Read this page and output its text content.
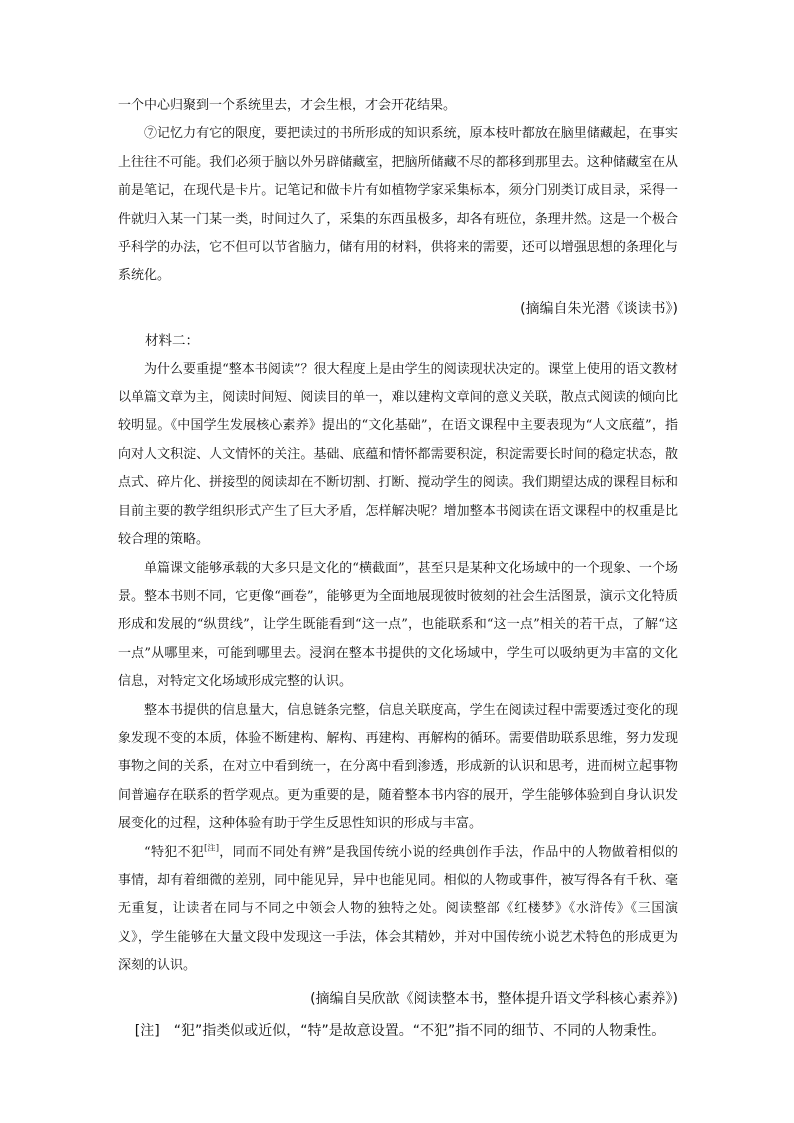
一个中心归聚到一个系统里去，才会生根，才会开花结果。

⑦记忆力有它的限度，要把读过的书所形成的知识系统，原本枝叶都放在脑里储藏起，在事实上往往不可能。我们必须于脑以外另辟储藏室，把脑所储藏不尽的都移到那里去。这种储藏室在从前是笔记，在现代是卡片。记笔记和做卡片有如植物学家采集标本，须分门别类订成目录，采得一件就归入某一门某一类，时间过久了，采集的东西虽极多，却各有班位，条理井然。这是一个极合乎科学的办法，它不但可以节省脑力，储有用的材料，供将来的需要，还可以增强思想的条理化与系统化。

(摘编自朱光潜《谈读书》)

材料二：

为什么要重提“整本书阅读”？很大程度上是由学生的阅读现状决定的。课堂上使用的语文教材以单篇文章为主，阅读时间短、阅读目的单一，难以建构文章间的意义关联，散点式阅读的倾向比较明显。《中国学生发展核心素养》提出的“文化基础”，在语文课程中主要表现为“人文底蕴”，指向对人文积淀、人文情怀的关注。基础、底蕴和情怀都需要积淀，积淀需要长时间的稳定状态，散点式、碎片化、拼接型的阅读却在不断切割、打断、搅动学生的阅读。我们期望达成的课程目标和目前主要的教学组织形式产生了巨大矛盾，怎样解决呢？增加整本书阅读在语文课程中的权重是比较合理的策略。

单篇课文能够承载的大多只是文化的“横截面”，甚至只是某种文化场域中的一个现象、一个场景。整本书则不同，它更像“画卷”，能够更为全面地展现彼时彼刻的社会生活图景，演示文化特质形成和发展的“纵贯线”，让学生既能看到“这一点”，也能联系和“这一点”相关的若干点，了解“这一点”从哪里来，可能到哪里去。浸润在整本书提供的文化场域中，学生可以吸纳更为丰富的文化信息，对特定文化场域形成完整的认识。

整本书提供的信息量大，信息链条完整，信息关联度高，学生在阅读过程中需要透过变化的现象发现不变的本质，体验不断建构、解构、再建构、再解构的循环。需要借助联系思维，努力发现事物之间的关系，在对立中看到统一，在分离中看到渗透，形成新的认识和思考，进而树立起事物间普遍存在联系的哲学观点。更为重要的是，随着整本书内容的展开，学生能够体验到自身认识发展变化的过程，这种体验有助于学生反思性知识的形成与丰富。

“特犯不犯[注]，同而不同处有辨”是我国传统小说的经典创作手法，作品中的人物做着相似的事情，却有着细微的差别，同中能见异，异中也能见同。相似的人物或事件，被写得各有千秋、毫无重复，让读者在同与不同之中领会人物的独特之处。阅读整部《红楼梦》《水浒传》《三国演义》，学生能够在大量文段中发现这一手法，体会其精妙，并对中国传统小说艺术特色的形成更为深刻的认识。

(摘编自吴欣歆《阅读整本书，整体提升语文学科核心素养》)

[注]　“犯”指类似或近似，“特”是故意设置。“不犯”指不同的细节、不同的人物秉性。
